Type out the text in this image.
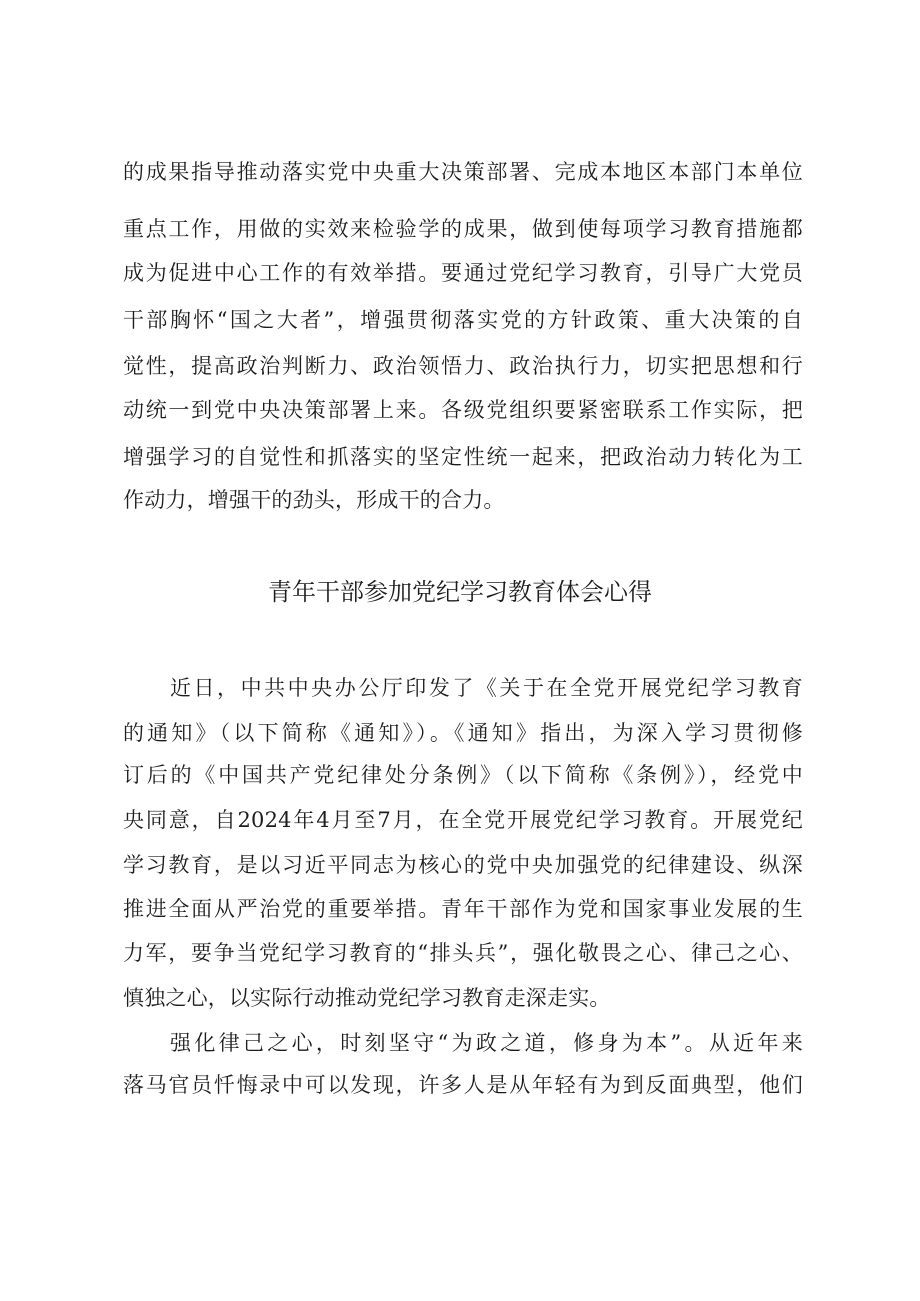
的成果指导推动落实党中央重大决策部署、完成本地区本部门本单位
重点工作，用做的实效来检验学的成果，做到使每项学习教育措施都
成为促进中心工作的有效举措。要通过党纪学习教育，引导广大党员
干部胸怀“国之大者”，增强贯彻落实党的方针政策、重大决策的自
觉性，提高政治判断力、政治领悟力、政治执行力，切实把思想和行
动统一到党中央决策部署上来。各级党组织要紧密联系工作实际，把
增强学习的自觉性和抓落实的坚定性统一起来，把政治动力转化为工
作动力，增强干的劲头，形成干的合力。
青年干部参加党纪学习教育体会心得
近日，中共中央办公厅印发了《关于在全党开展党纪学习教育
的通知》（以下简称《通知》）。《通知》指出，为深入学习贯彻修
订后的《中国共产党纪律处分条例》（以下简称《条例》），经党中
央同意，自2024年4月至7月，在全党开展党纪学习教育。开展党纪
学习教育，是以习近平同志为核心的党中央加强党的纪律建设、纵深
推进全面从严治党的重要举措。青年干部作为党和国家事业发展的生
力军，要争当党纪学习教育的“排头兵”，强化敬畏之心、律己之心、
慎独之心，以实际行动推动党纪学习教育走深走实。
强化律己之心，时刻坚守“为政之道，修身为本”。从近年来
落马官员忏悔录中可以发现，许多人是从年轻有为到反面典型，他们
